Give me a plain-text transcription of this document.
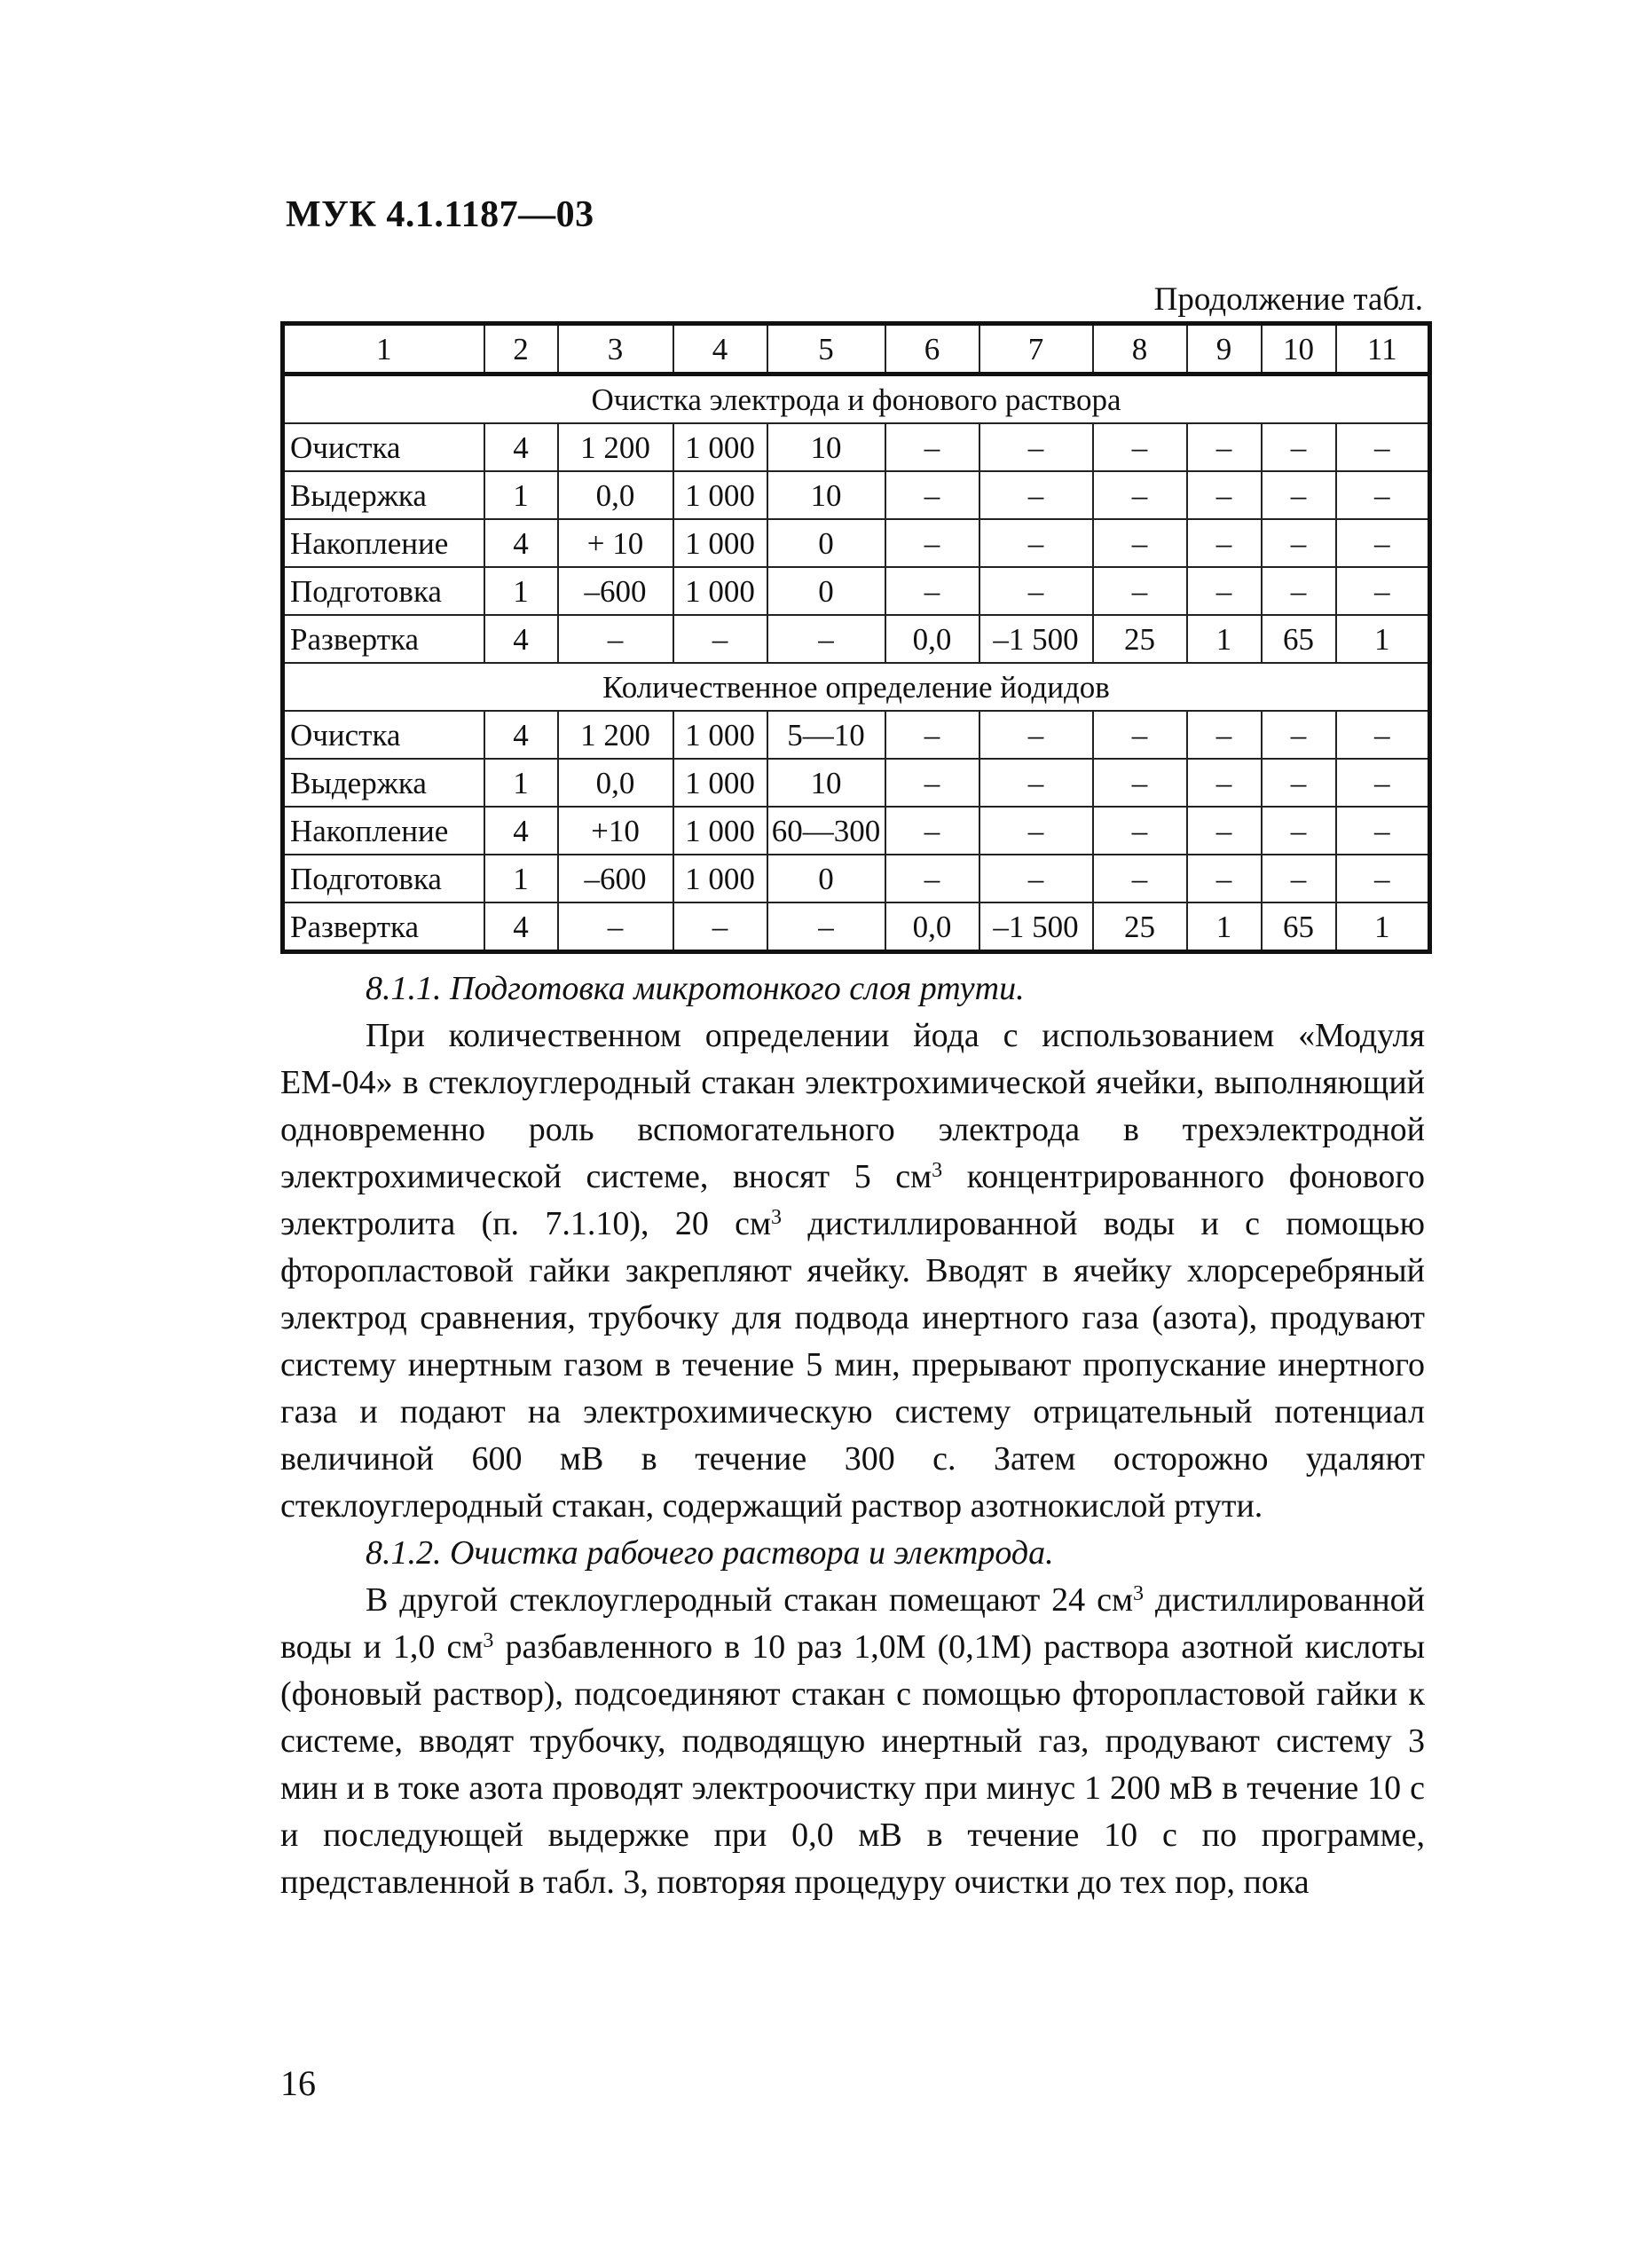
МУК 4.1.1187—03
Продолжение табл.
1	2	3	4	5	6	7	8	9	10	11
Очистка электрода и фонового раствора										
Очистка	4	1 200	1 000	10	–	–	–	–	–	–
Выдержка	1	0,0	1 000	10	–	–	–	–	–	–
Накопление	4	+ 10	1 000	0	–	–	–	–	–	–
Подготовка	1	–600	1 000	0	–	–	–	–	–	–
Развертка	4	–	–	–	0,0	–1 500	25	1	65	1
Количественное определение йодидов										
Очистка	4	1 200	1 000	5—10	–	–	–	–	–	–
Выдержка	1	0,0	1 000	10	–	–	–	–	–	–
Накопление	4	+10	1 000	60—300	–	–	–	–	–	–
Подготовка	1	–600	1 000	0	–	–	–	–	–	–
Развертка	4	–	–	–	0,0	–1 500	25	1	65	1

8.1.1. Подготовка микротонкого слоя ртути.

При количественном определении йода с использованием «Модуля ЕМ-04» в стеклоуглеродный стакан электрохимической ячейки, выполняющий одновременно роль вспомогательного электрода в трехэлектродной электрохимической системе, вносят 5 $см^3$ концентрированного фонового электролита (п. 7.1.10), 20 $см^3$ дистиллированной воды и с помощью фторопластовой гайки закрепляют ячейку. Вводят в ячейку хлорсеребряный электрод сравнения, трубочку для подвода инертного газа (азота), продувают систему инертным газом в течение 5 мин, прерывают пропускание инертного газа и подают на электрохимическую систему отрицательный потенциал величиной 600 мВ в течение 300 с. Затем осторожно удаляют стеклоуглеродный стакан, содержащий раствор азотнокислой ртути.

8.1.2. Очистка рабочего раствора и электрода.

В другой стеклоуглеродный стакан помещают 24 $см^3$ дистиллированной воды и 1,0 $см^3$ разбавленного в 10 раз 1,0М (0,1М) раствора азотной кислоты (фоновый раствор), подсоединяют стакан с помощью фторопластовой гайки к системе, вводят трубочку, подводящую инертный газ, продувают систему 3 мин и в токе азота проводят электроочистку при минус 1 200 мВ в течение 10 с и последующей выдержке при 0,0 мВ в течение 10 с по программе, представленной в табл. 3, повторяя процедуру очистки до тех пор, пока

16
